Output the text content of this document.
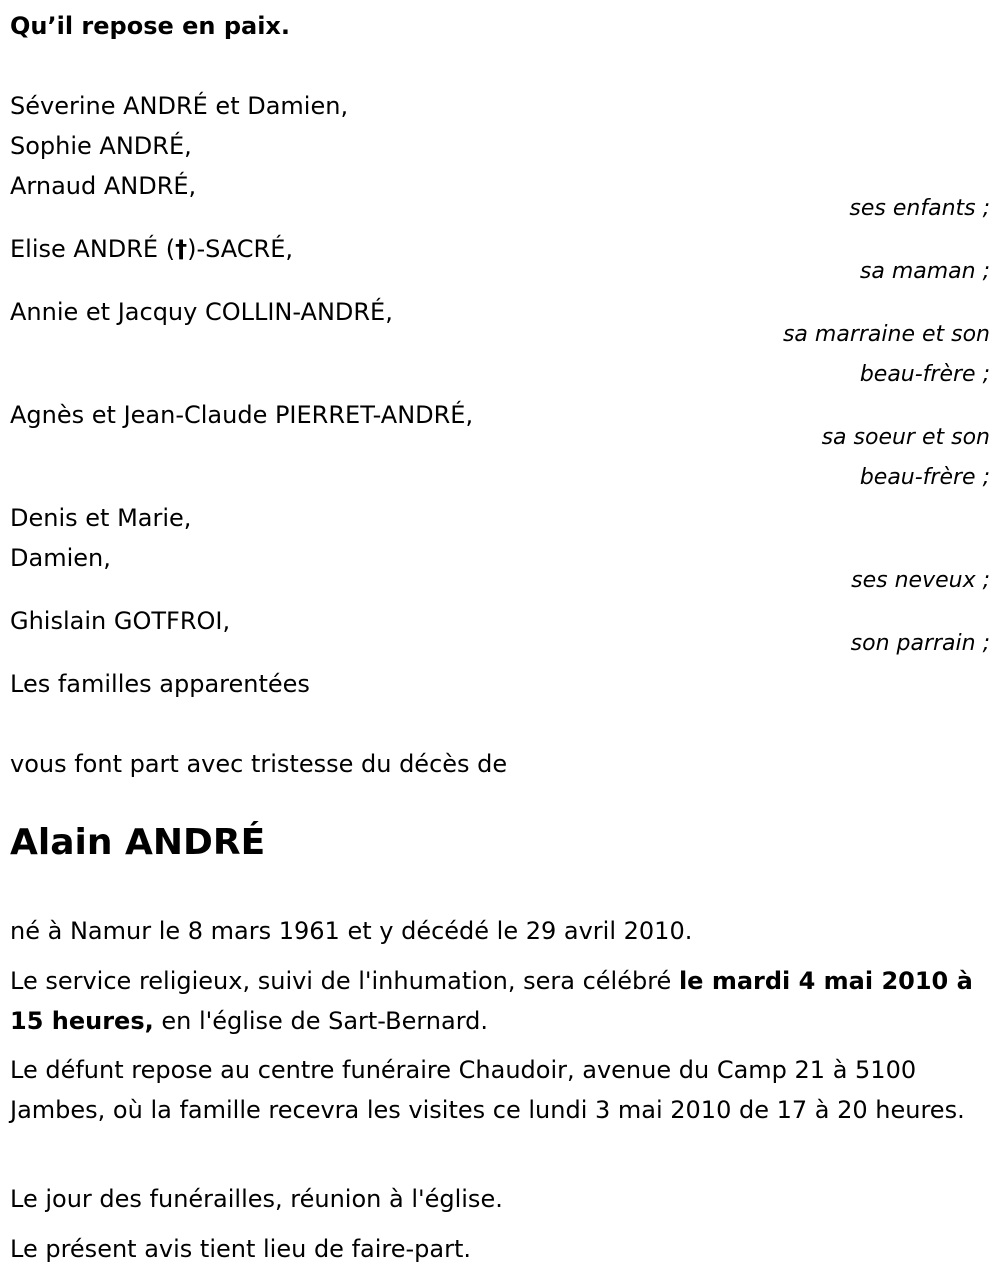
Qu’il repose en paix.
Séverine ANDRÉ et Damien,
Sophie ANDRÉ,
Arnaud ANDRÉ,
ses enfants ;
Elise ANDRÉ (†)-SACRÉ,
sa maman ;
Annie et Jacquy COLLIN-ANDRÉ,
sa marraine et son
beau-frère ;
Agnès et Jean-Claude PIERRET-ANDRÉ,
sa soeur et son
beau-frère ;
Denis et Marie,
Damien,
ses neveux ;
Ghislain GOTFROI,
son parrain ;
Les familles apparentées
vous font part avec tristesse du décès de
Alain ANDRÉ
né à Namur le 8 mars 1961 et y décédé le 29 avril 2010.
Le service religieux, suivi de l'inhumation, sera célébré le mardi 4 mai 2010 à 15 heures, en l'église de Sart-Bernard.
Le défunt repose au centre funéraire Chaudoir, avenue du Camp 21 à 5100 Jambes, où la famille recevra les visites ce lundi 3 mai 2010 de 17 à 20 heures.
Le jour des funérailles, réunion à l'église.
Le présent avis tient lieu de faire-part.
